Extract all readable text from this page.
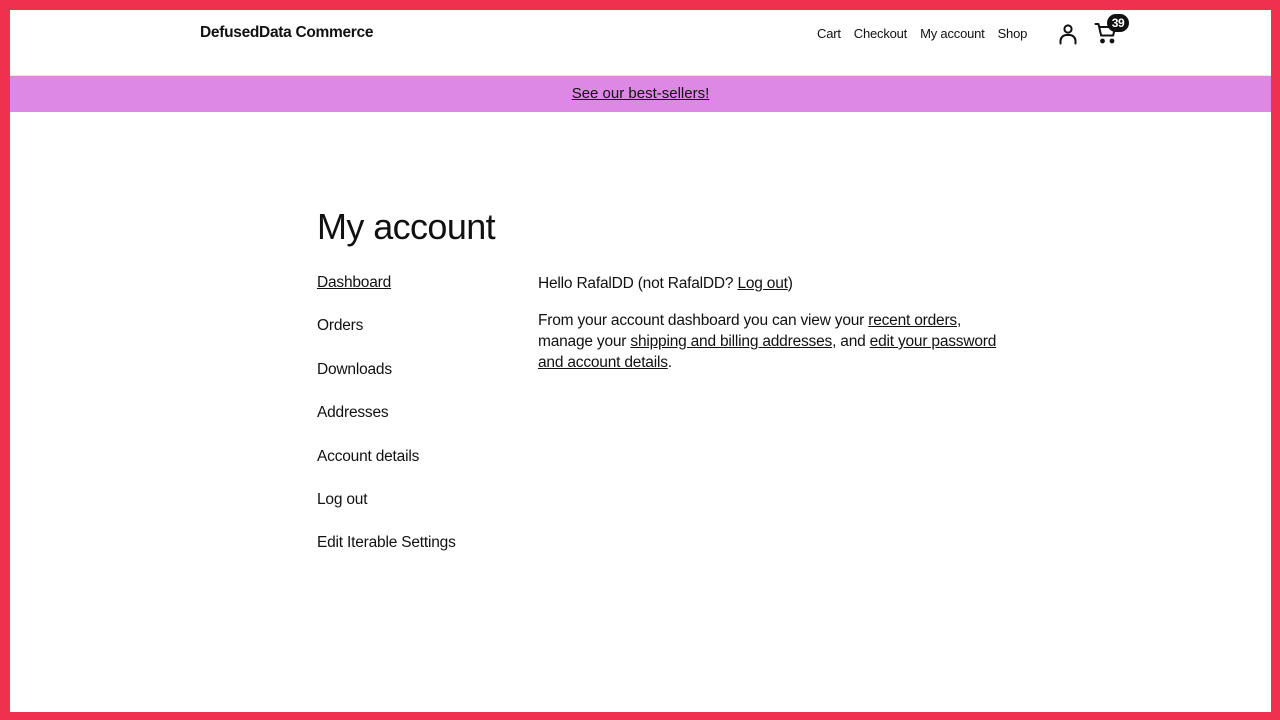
DefusedData Commerce	Cart Checkout My account Shop
39
See our best-sellers!
My account
Dashboard
Orders
Downloads
Addresses
Account details
Log out
Edit Iterable Settings

Hello RafalDD (not RafalDD? Log out)

From your account dashboard you can view your recent orders, manage your shipping and billing addresses, and edit your password and account details.
